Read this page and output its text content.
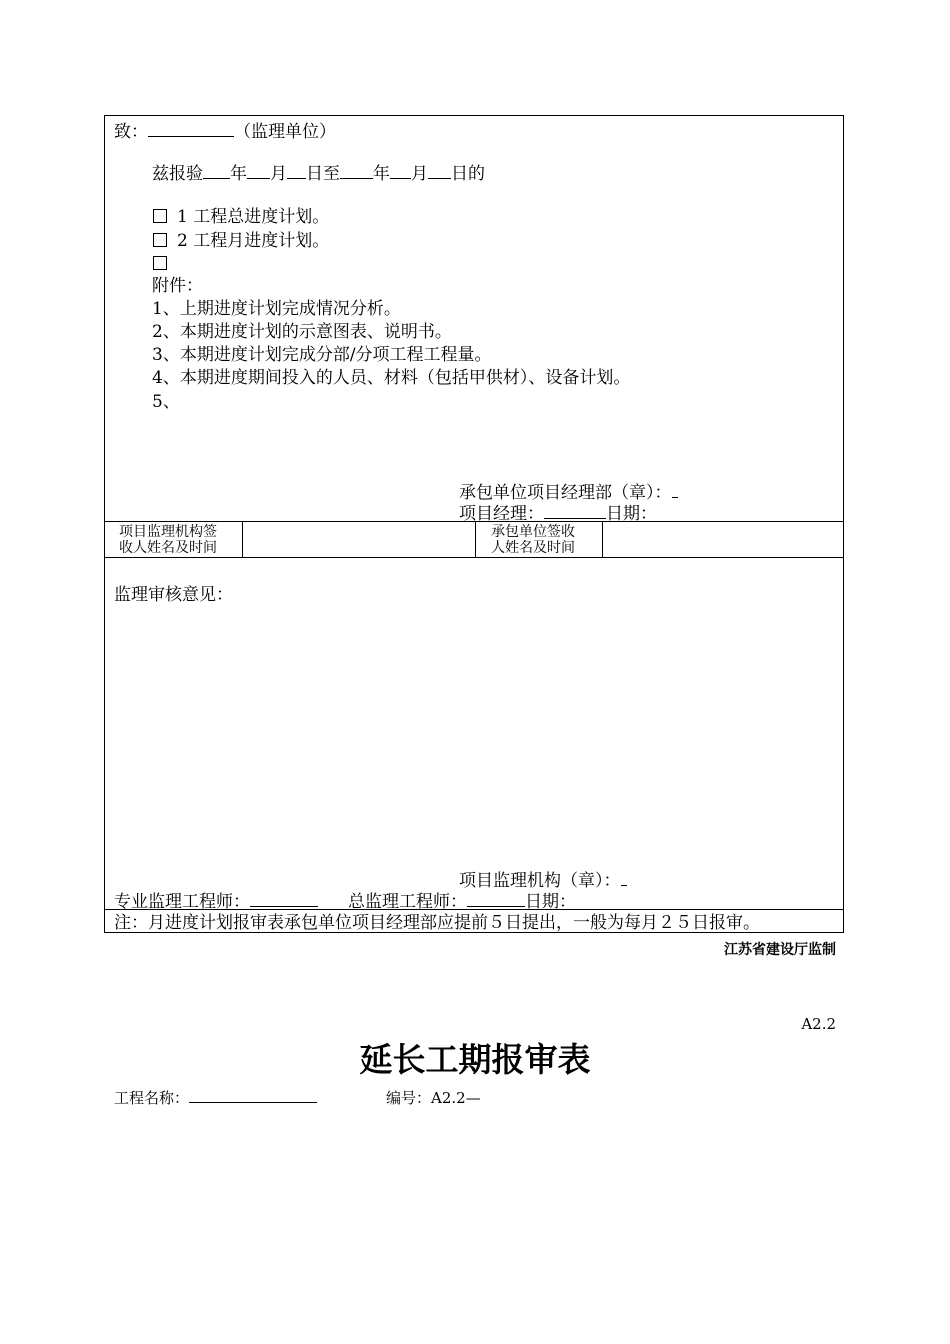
致：	（监理单位）
兹报验 年 月 日至 年 月 日的
1 工程总进度计划。
2 工程月进度计划。
附件：
1、上期进度计划完成情况分析。
2、本期进度计划的示意图表、说明书。
3、本期进度计划完成分部/分项工程工程量。
4、本期进度期间投入的人员、材料（包括甲供材）、设备计划。
5、
承包单位项目经理部（章）：
项目经理：	日期：
项目监理机构签
收人姓名及时间
承包单位签收
人姓名及时间
监理审核意见：
项目监理机构（章）：
专业监理工程师：	总监理工程师：	日期：
注：月进度计划报审表承包单位项目经理部应提前５日提出，一般为每月２５日报审。
江苏省建设厅监制
A2.2
延长工期报审表
工程名称：	编号：A2.2—
